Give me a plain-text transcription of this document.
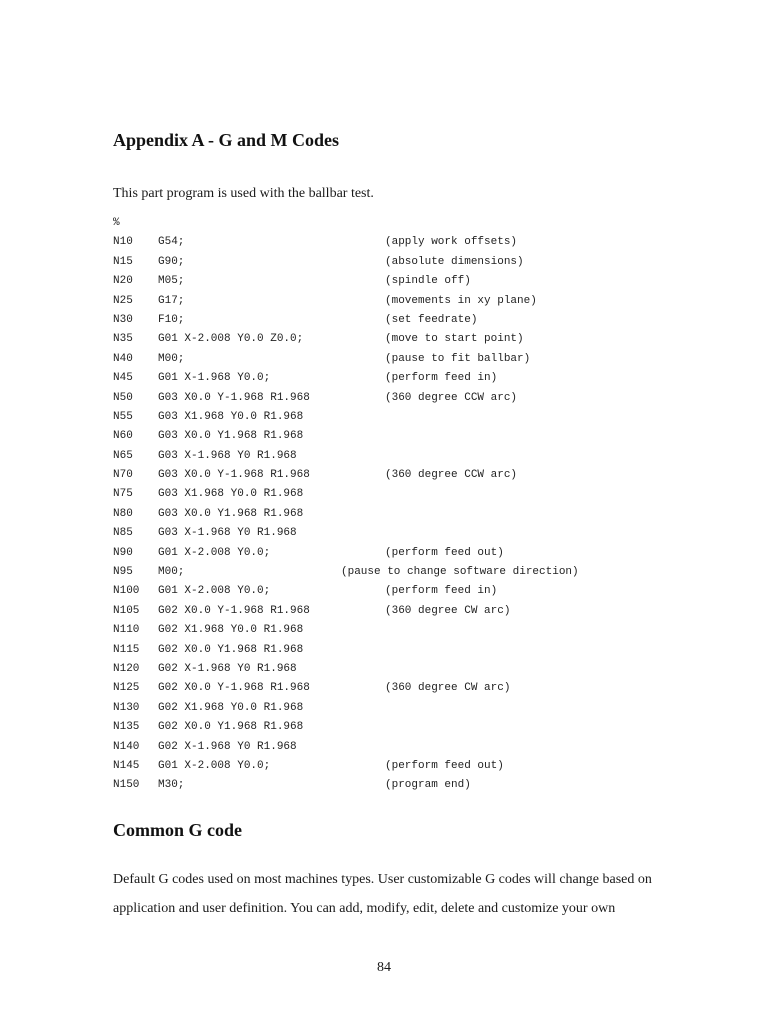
Appendix A - G and M Codes

This part program is used with the ballbar test.

%

N10 G54;	(apply work offsets)
N15 G90;	(absolute dimensions)
N20 M05;	(spindle off)
N25 G17;	(movements in xy plane)
N30 F10;	(set feedrate)
N35 G01 X-2.008 Y0.0 Z0.0;	(move to start point)
N40 M00;	(pause to fit ballbar)
N45 G01 X-1.968 Y0.0;	(perform feed in)
N50 G03 X0.0 Y-1.968 R1.968	(360 degree CCW arc)
N55 G03 X1.968 Y0.0 R1.968
N60 G03 X0.0 Y1.968 R1.968
N65 G03 X-1.968 Y0 R1.968
N70 G03 X0.0 Y-1.968 R1.968	(360 degree CCW arc)
N75 G03 X1.968 Y0.0 R1.968
N80 G03 X0.0 Y1.968 R1.968
N85 G03 X-1.968 Y0 R1.968
N90 G01 X-2.008 Y0.0;	(perform feed out)
N95 M00;	(pause to change software direction)
N100 G01 X-2.008 Y0.0;	(perform feed in)
N105 G02 X0.0 Y-1.968 R1.968	(360 degree CW arc)
N110 G02 X1.968 Y0.0 R1.968
N115 G02 X0.0 Y1.968 R1.968
N120 G02 X-1.968 Y0 R1.968
N125 G02 X0.0 Y-1.968 R1.968	(360 degree CW arc)
N130 G02 X1.968 Y0.0 R1.968
N135 G02 X0.0 Y1.968 R1.968
N140 G02 X-1.968 Y0 R1.968
N145 G01 X-2.008 Y0.0;	(perform feed out)
N150 M30;	(program end)
Common G code

Default G codes used on most machines types. User customizable G codes will change based on application and user definition. You can add, modify, edit, delete and customize your own

84
